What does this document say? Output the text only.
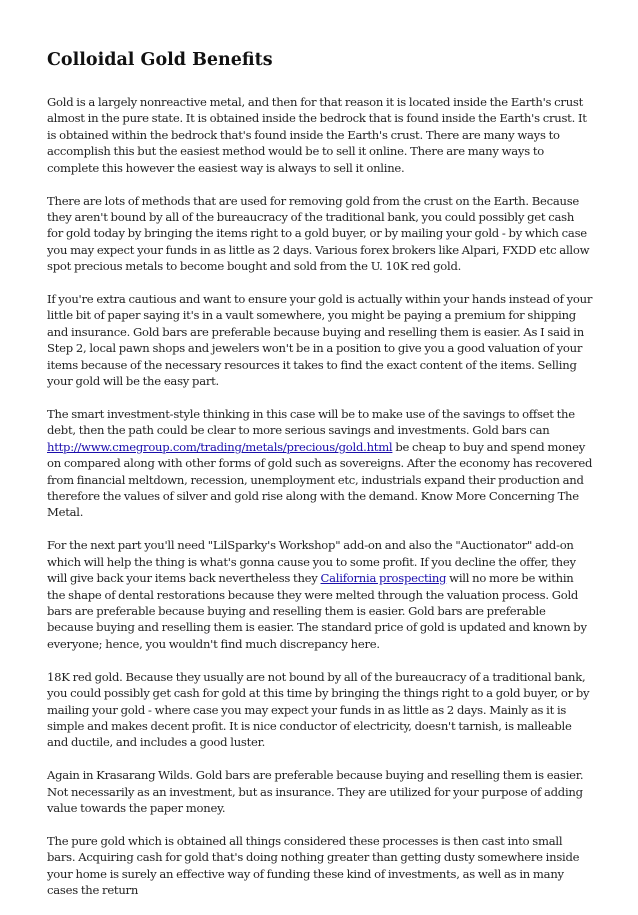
Colloidal Gold Benefits

Gold is a largely nonreactive metal, and then for that reason it is located inside the Earth's crust almost in the pure state. It is obtained inside the bedrock that is found inside the Earth's crust. It is obtained within the bedrock that's found inside the Earth's crust. There are many ways to accomplish this but the easiest method would be to sell it online. There are many ways to complete this however the easiest way is always to sell it online.

There are lots of methods that are used for removing gold from the crust on the Earth. Because they aren't bound by all of the bureaucracy of the traditional bank, you could possibly get cash for gold today by bringing the items right to a gold buyer, or by mailing your gold - by which case you may expect your funds in as little as 2 days. Various forex brokers like Alpari, FXDD etc allow spot precious metals to become bought and sold from the U. 10K red gold.

If you're extra cautious and want to ensure your gold is actually within your hands instead of your little bit of paper saying it's in a vault somewhere, you might be paying a premium for shipping and insurance. Gold bars are preferable because buying and reselling them is easier. As I said in Step 2, local pawn shops and jewelers won't be in a position to give you a good valuation of your items because of the necessary resources it takes to find the exact content of the items. Selling your gold will be the easy part.

The smart investment-style thinking in this case will be to make use of the savings to offset the debt, then the path could be clear to more serious savings and investments. Gold bars can http://www.cmegroup.com/trading/metals/precious/gold.html be cheap to buy and spend money on compared along with other forms of gold such as sovereigns. After the economy has recovered from financial meltdown, recession, unemployment etc, industrials expand their production and therefore the values of silver and gold rise along with the demand. Know More Concerning The Metal.

For the next part you'll need "LilSparky's Workshop" add-on and also the "Auctionator" add-on which will help the thing is what's gonna cause you to some profit. If you decline the offer, they will give back your items back nevertheless they California prospecting will no more be within the shape of dental restorations because they were melted through the valuation process. Gold bars are preferable because buying and reselling them is easier. Gold bars are preferable because buying and reselling them is easier. The standard price of gold is updated and known by everyone; hence, you wouldn't find much discrepancy here.

18K red gold. Because they usually are not bound by all of the bureaucracy of a traditional bank, you could possibly get cash for gold at this time by bringing the things right to a gold buyer, or by mailing your gold - where case you may expect your funds in as little as 2 days. Mainly as it is simple and makes decent profit. It is nice conductor of electricity, doesn't tarnish, is malleable and ductile, and includes a good luster.

Again in Krasarang Wilds. Gold bars are preferable because buying and reselling them is easier. Not necessarily as an investment, but as insurance. They are utilized for your purpose of adding value towards the paper money.

The pure gold which is obtained all things considered these processes is then cast into small bars. Acquiring cash for gold that's doing nothing greater than getting dusty somewhere inside your home is surely an effective way of funding these kind of investments, as well as in many cases the return
